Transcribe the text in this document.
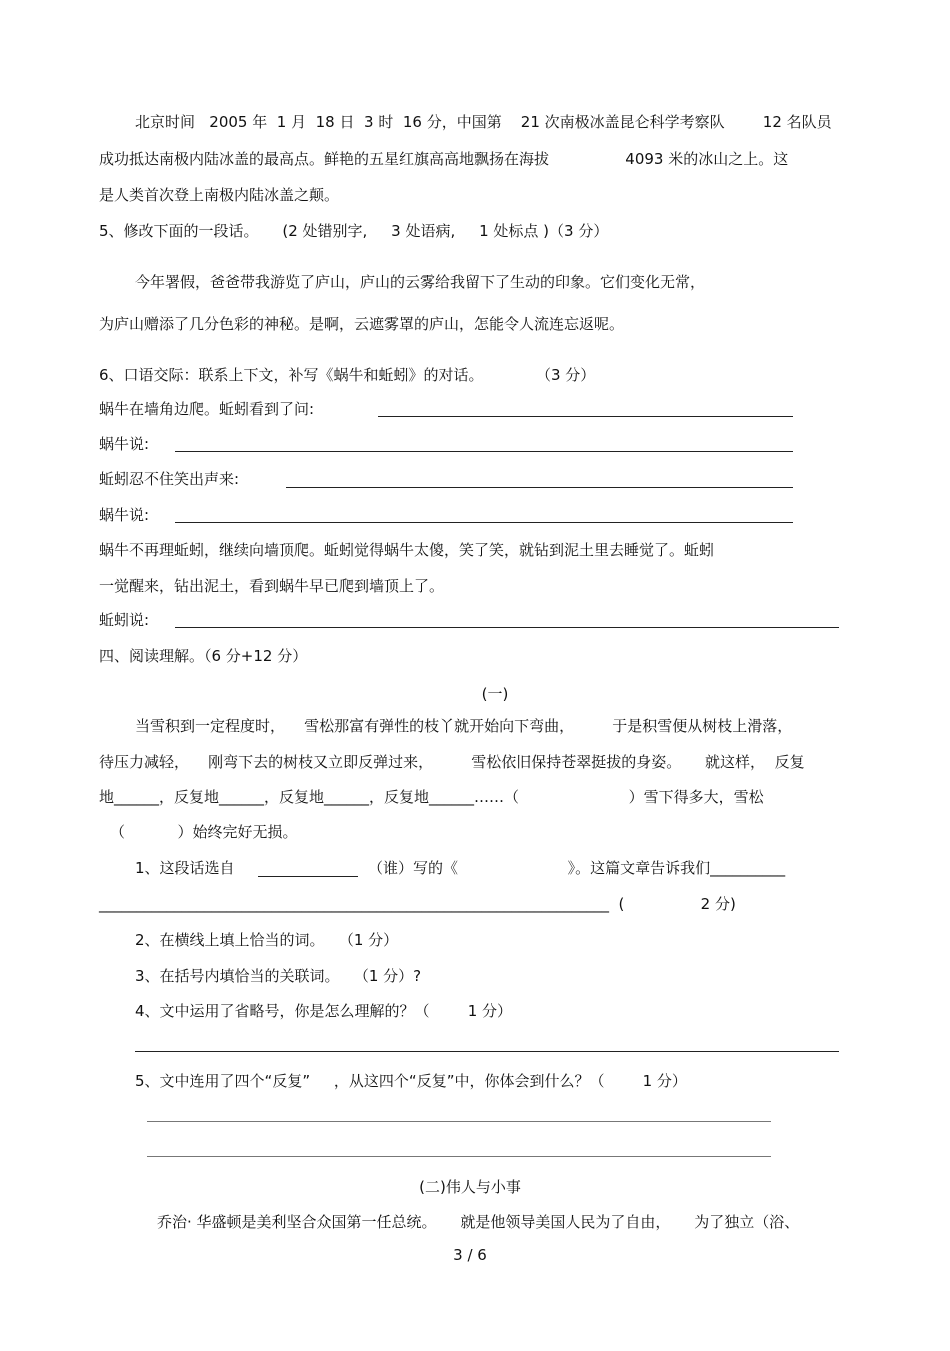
北京时间   2005 年  1 月  18 日  3 时  16 分，中国第    21 次南极冰盖昆仑科学考察队        12 名队员
成功抵达南极内陆冰盖的最高点。鲜艳的五星红旗高高地飘扬在海拔                4093 米的冰山之上。这
是人类首次登上南极内陆冰盖之颠。
5、修改下面的一段话。     (2 处错别字,     3 处语病,     1 处标点 )（3 分）
今年署假，爸爸带我游览了庐山，庐山的云雾给我留下了生动的印象。它们变化无常，
为庐山赠添了几分色彩的神秘。是啊，云遮雾罩的庐山，怎能令人流连忘返呢。
6、口语交际：联系上下文，补写《蜗牛和蚯蚓》的对话。           （3 分）
蜗牛在墙角边爬。蚯蚓看到了问:
蜗牛说:
蚯蚓忍不住笑出声来:
蜗牛说:
蜗牛不再理蚯蚓，继续向墙顶爬。蚯蚓觉得蜗牛太傻，笑了笑，就钻到泥土里去睡觉了。蚯蚓
一觉醒来，钻出泥土，看到蜗牛早已爬到墙顶上了。
蚯蚓说:
四、阅读理解。（6 分+12 分）
(一)
当雪积到一定程度时，    雪松那富有弹性的枝丫就开始向下弯曲，        于是积雪便从树枝上滑落，
待压力减轻，    刚弯下去的树枝又立即反弹过来，        雪松依旧保持苍翠挺拔的身姿。     就这样，  反复
地______，反复地______，反复地______，反复地______……（                       ）雪下得多大，雪松
（           ）始终完好无损。
1、这段话选自	（谁）写的《                       》。这篇文章告诉我们__________
____________________________________________________________________  (                2 分)
2、在横线上填上恰当的词。   （1 分）
3、在括号内填恰当的关联词。   （1 分）?
4、文中运用了省略号，你是怎么理解的？（        1 分）
5、文中连用了四个“反复”     ，从这四个“反复”中，你体会到什么？（        1 分）
(二)伟人与小事
乔治· 华盛顿是美利坚合众国第一任总统。     就是他领导美国人民为了自由，     为了独立（浴、
3 / 6
